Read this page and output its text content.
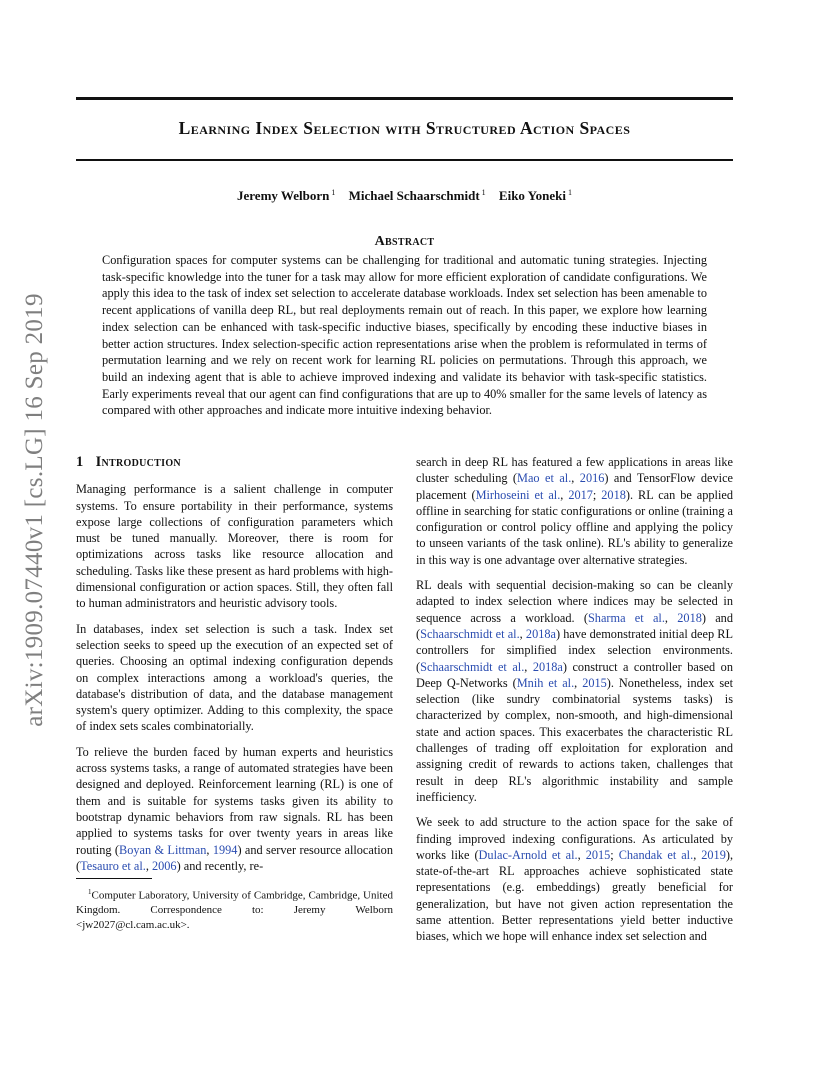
Learning Index Selection with Structured Action Spaces
Jeremy Welborn $^1$ Michael Schaarschmidt $^1$ Eiko Yoneki $^1$
Abstract
Configuration spaces for computer systems can be challenging for traditional and automatic tuning strategies. Injecting task-specific knowledge into the tuner for a task may allow for more efficient exploration of candidate configurations. We apply this idea to the task of index set selection to accelerate database workloads. Index set selection has been amenable to recent applications of vanilla deep RL, but real deployments remain out of reach. In this paper, we explore how learning index selection can be enhanced with task-specific inductive biases, specifically by encoding these inductive biases in better action structures. Index selection-specific action representations arise when the problem is reformulated in terms of permutation learning and we rely on recent work for learning RL policies on permutations. Through this approach, we build an indexing agent that is able to achieve improved indexing and validate its behavior with task-specific statistics. Early experiments reveal that our agent can find configurations that are up to 40% smaller for the same levels of latency as compared with other approaches and indicate more intuitive indexing behavior.
arXiv:1909.07440v1 [cs.LG] 16 Sep 2019 1 Introduction

Managing performance is a salient challenge in computer systems. To ensure portability in their performance, systems expose large collections of configuration parameters which must be tuned manually. Moreover, there is room for optimizations across tasks like resource allocation and scheduling. Tasks like these present as hard problems with high-dimensional configuration or action spaces. Still, they often fall to human administrators and heuristic advisory tools.

In databases, index set selection is such a task. Index set selection seeks to speed up the execution of an expected set of queries. Choosing an optimal indexing configuration depends on complex interactions among a workload's queries, the database's distribution of data, and the database management system's query optimizer. Adding to this complexity, the space of index sets scales combinatorially.

To relieve the burden faced by human experts and heuristics across systems tasks, a range of automated strategies have been designed and deployed. Reinforcement learning (RL) is one of them and is suitable for systems tasks given its ability to bootstrap dynamic behaviors from raw signals. RL has been applied to systems tasks for over twenty years in areas like routing (Boyan & Littman, 1994) and server resource allocation (Tesauro et al., 2006) and recently, re-

$^1$Computer Laboratory, University of Cambridge, Cambridge, United Kingdom. Correspondence to: Jeremy Welborn <jw2027@cl.cam.ac.uk>.

search in deep RL has featured a few applications in areas like cluster scheduling (Mao et al., 2016) and TensorFlow device placement (Mirhoseini et al., 2017; 2018). RL can be applied offline in searching for static configurations or online (training a configuration or control policy offline and applying the policy to unseen variants of the task online). RL's ability to generalize in this way is one advantage over alternative strategies.

RL deals with sequential decision-making so can be cleanly adapted to index selection where indices may be selected in sequence across a workload. (Sharma et al., 2018) and (Schaarschmidt et al., 2018a) have demonstrated initial deep RL controllers for simplified index selection environments. (Schaarschmidt et al., 2018a) construct a controller based on Deep Q-Networks (Mnih et al., 2015). Nonetheless, index set selection (like sundry combinatorial systems tasks) is characterized by complex, non-smooth, and high-dimensional state and action spaces. This exacerbates the characteristic RL challenges of trading off exploitation for exploration and assigning credit of rewards to actions taken, challenges that result in deep RL's algorithmic instability and sample inefficiency.

We seek to add structure to the action space for the sake of finding improved indexing configurations. As articulated by works like (Dulac-Arnold et al., 2015; Chandak et al., 2019), state-of-the-art RL approaches achieve sophisticated state representations (e.g. embeddings) greatly beneficial for generalization, but have not given action representation the same attention. Better representations yield better inductive biases, which we hope will enhance index set selection and
